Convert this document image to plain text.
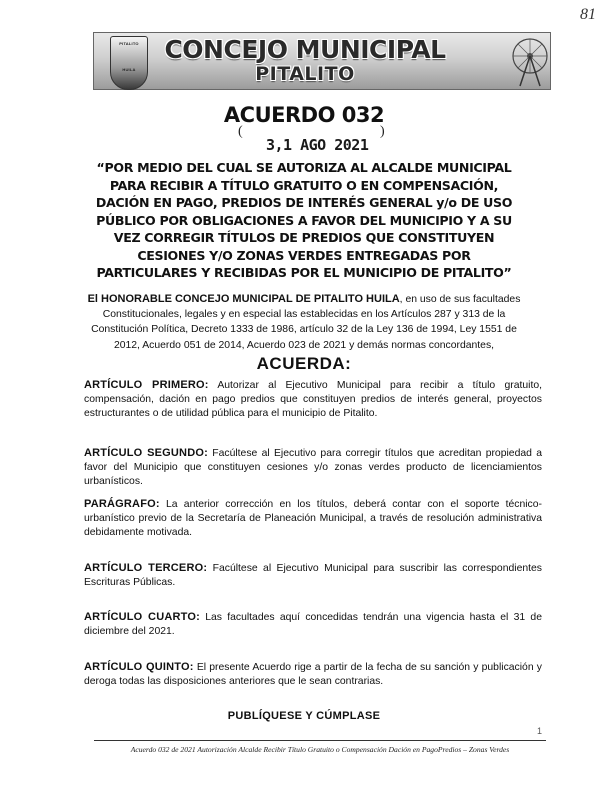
81
PITALITO
HUILA
CONCEJO MUNICIPAL
PITALITO
ACUERDO 032
(
3,1 AGO 2021
)
“POR MEDIO DEL CUAL SE AUTORIZA AL ALCALDE MUNICIPAL PARA RECIBIR A TÍTULO GRATUITO O EN COMPENSACIÓN, DACIÓN EN PAGO, PREDIOS DE INTERÉS GENERAL y/o DE USO PÚBLICO POR OBLIGACIONES A FAVOR DEL MUNICIPIO Y A SU VEZ CORREGIR TÍTULOS DE PREDIOS QUE CONSTITUYEN CESIONES Y/O ZONAS VERDES ENTREGADAS POR PARTICULARES Y RECIBIDAS POR EL MUNICIPIO DE PITALITO”
El HONORABLE CONCEJO MUNICIPAL DE PITALITO HUILA, en uso de sus facultades Constitucionales, legales y en especial las establecidas en los Artículos 287 y 313 de la Constitución Política, Decreto 1333 de 1986, artículo 32 de la Ley 136 de 1994, Ley 1551 de 2012, Acuerdo 051 de 2014, Acuerdo 023 de 2021 y demás normas concordantes,
ACUERDA:
ARTÍCULO PRIMERO: Autorizar al Ejecutivo Municipal para recibir a título gratuito, compensación, dación en pago predios que constituyen predios de interés general, proyectos estructurantes o de utilidad pública para el municipio de Pitalito.
ARTÍCULO SEGUNDO: Facúltese al Ejecutivo para corregir títulos que acreditan propiedad a favor del Municipio que constituyen cesiones y/o zonas verdes producto de licenciamientos urbanísticos.
PARÁGRAFO: La anterior corrección en los títulos, deberá contar con el soporte técnico-urbanístico previo de la Secretaría de Planeación Municipal, a través de resolución administrativa debidamente motivada.
ARTÍCULO TERCERO: Facúltese al Ejecutivo Municipal para suscribir las correspondientes Escrituras Públicas.
ARTÍCULO CUARTO: Las facultades aquí concedidas tendrán una vigencia hasta el 31 de diciembre del 2021.
ARTÍCULO QUINTO: El presente Acuerdo rige a partir de la fecha de su sanción y publicación y deroga todas las disposiciones anteriores que le sean contrarias.
PUBLÍQUESE Y CÚMPLASE
1
Acuerdo 032 de 2021 Autorización Alcalde Recibir Título Gratuito o Compensación Dación en PagoPredios – Zonas Verdes
